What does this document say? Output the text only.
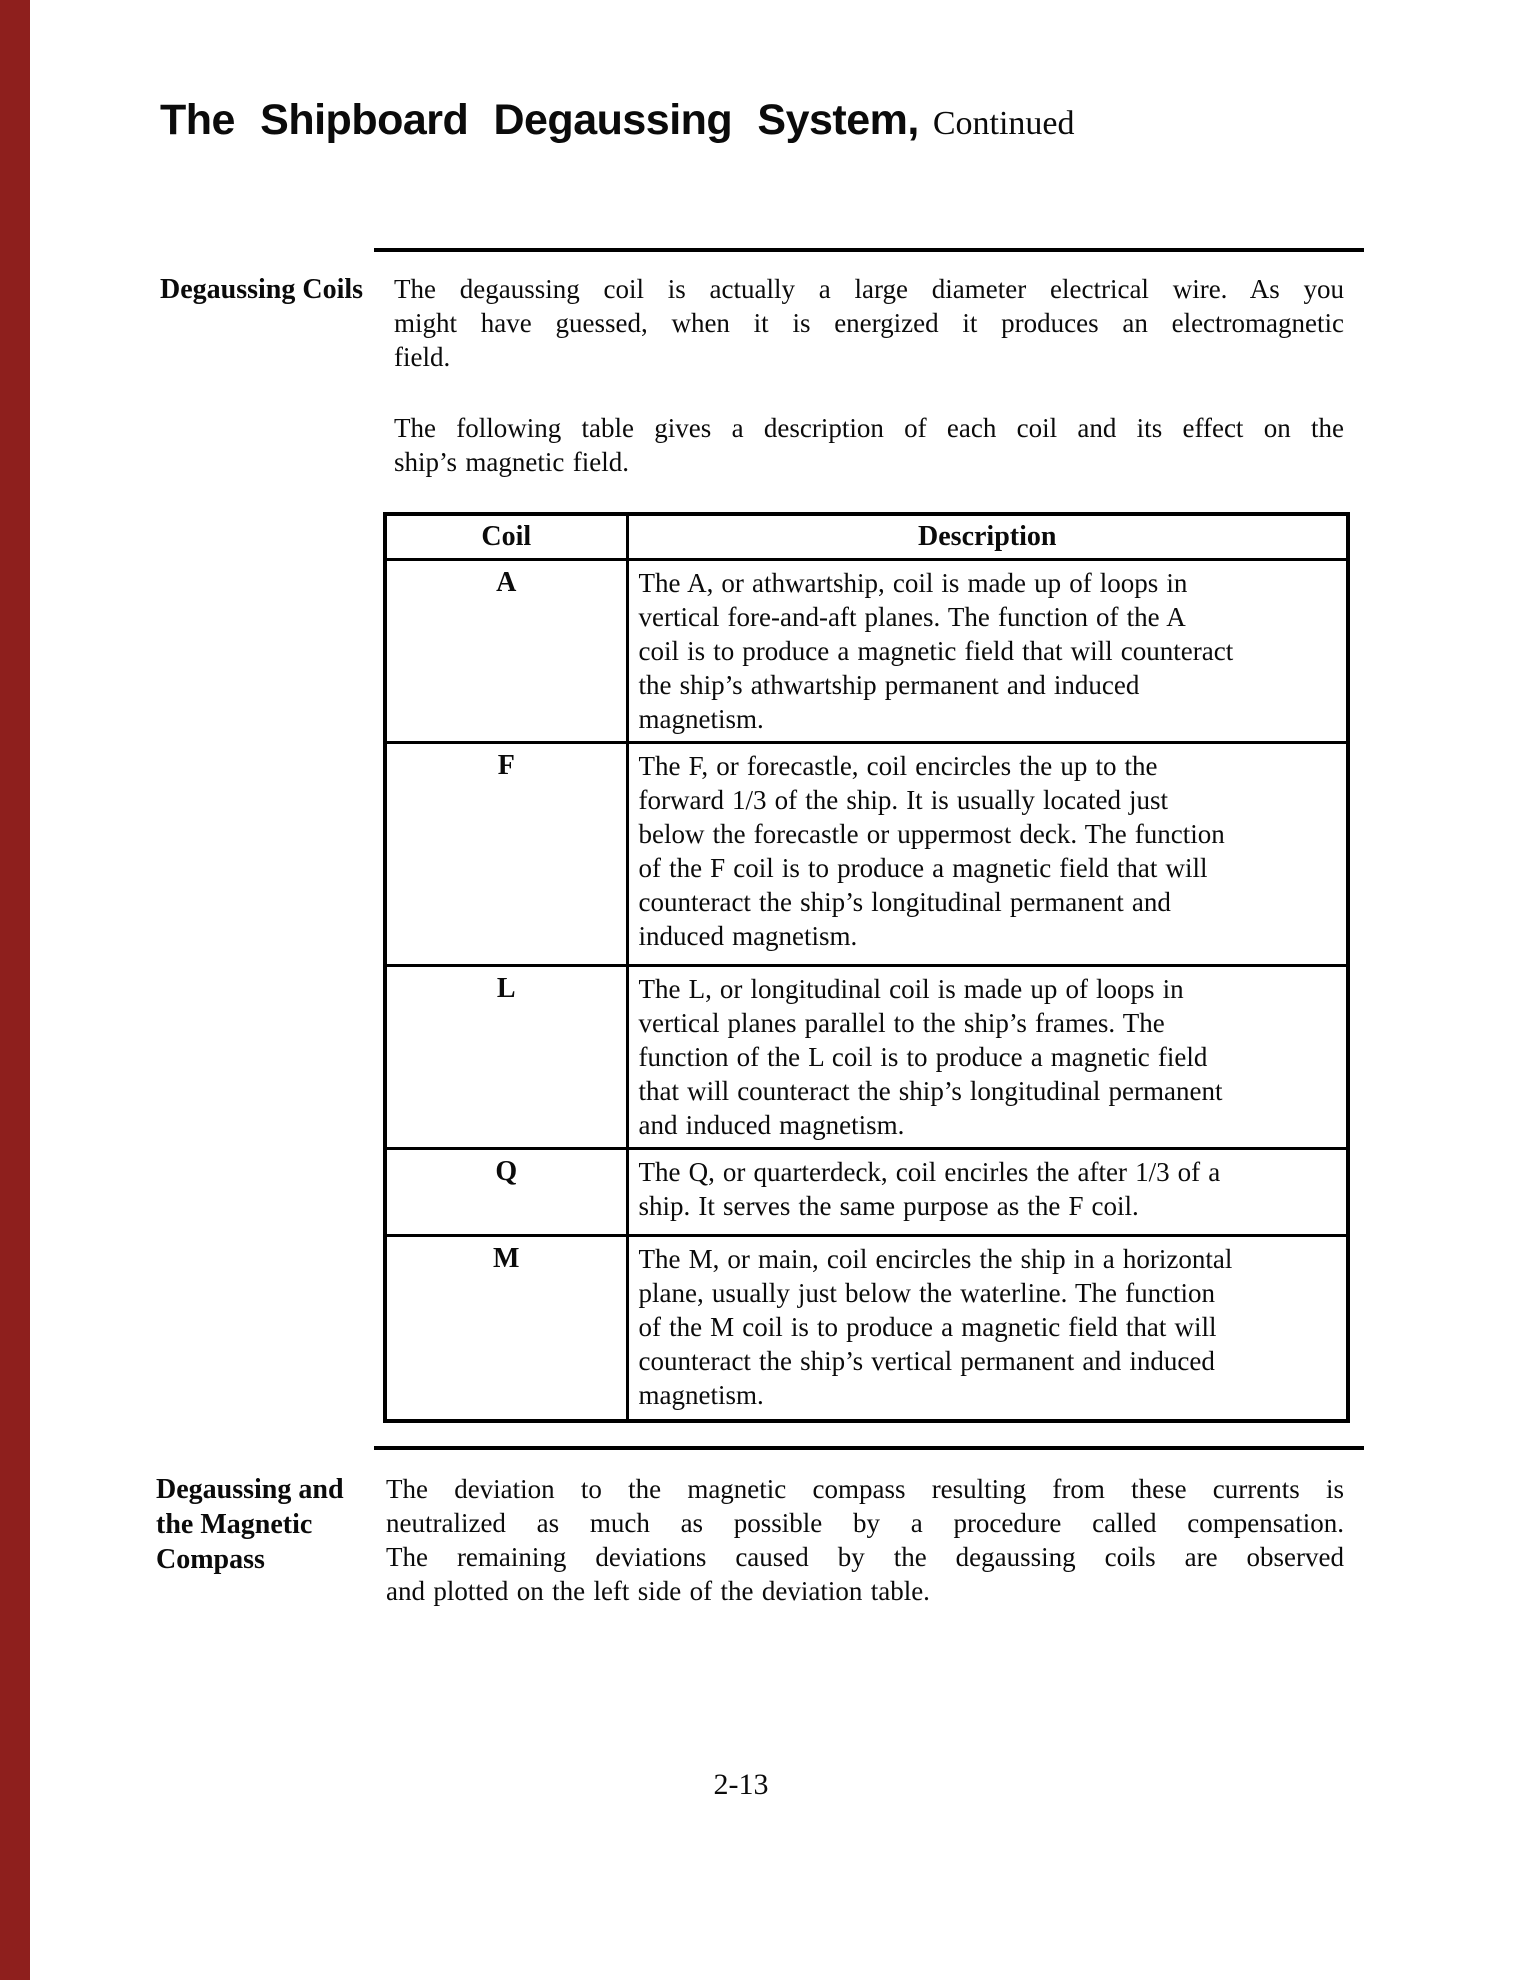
The Shipboard Degaussing System, Continued
Degaussing Coils	The degaussing coil is actually a large diameter electrical wire. As you
might have guessed, when it is energized it produces an electromagnetic
field.
The following table gives a description of each coil and its effect on the
ship’s magnetic field.
Coil	Description
A	The A, or athwartship, coil is made up of loops in
vertical fore-and-aft planes. The function of the A
coil is to produce a magnetic field that will counteract
the ship’s athwartship permanent and induced
magnetism.

F	The F, or forecastle, coil encircles the up to the
forward 1/3 of the ship. It is usually located just
below the forecastle or uppermost deck. The function
of the F coil is to produce a magnetic field that will
counteract the ship’s longitudinal permanent and
induced magnetism.

L	The L, or longitudinal coil is made up of loops in
vertical planes parallel to the ship’s frames. The
function of the L coil is to produce a magnetic field
that will counteract the ship’s longitudinal permanent
and induced magnetism.

Q	The Q, or quarterdeck, coil encirles the after 1/3 of a
ship. It serves the same purpose as the F coil.

M	The M, or main, coil encircles the ship in a horizontal
plane, usually just below the waterline. The function
of the M coil is to produce a magnetic field that will
counteract the ship’s vertical permanent and induced
magnetism.
Degaussing and
the Magnetic
Compass
The deviation to the magnetic compass resulting from these currents is
neutralized as much as possible by a procedure called compensation.
The remaining deviations caused by the degaussing coils are observed
and plotted on the left side of the deviation table.
2-13
